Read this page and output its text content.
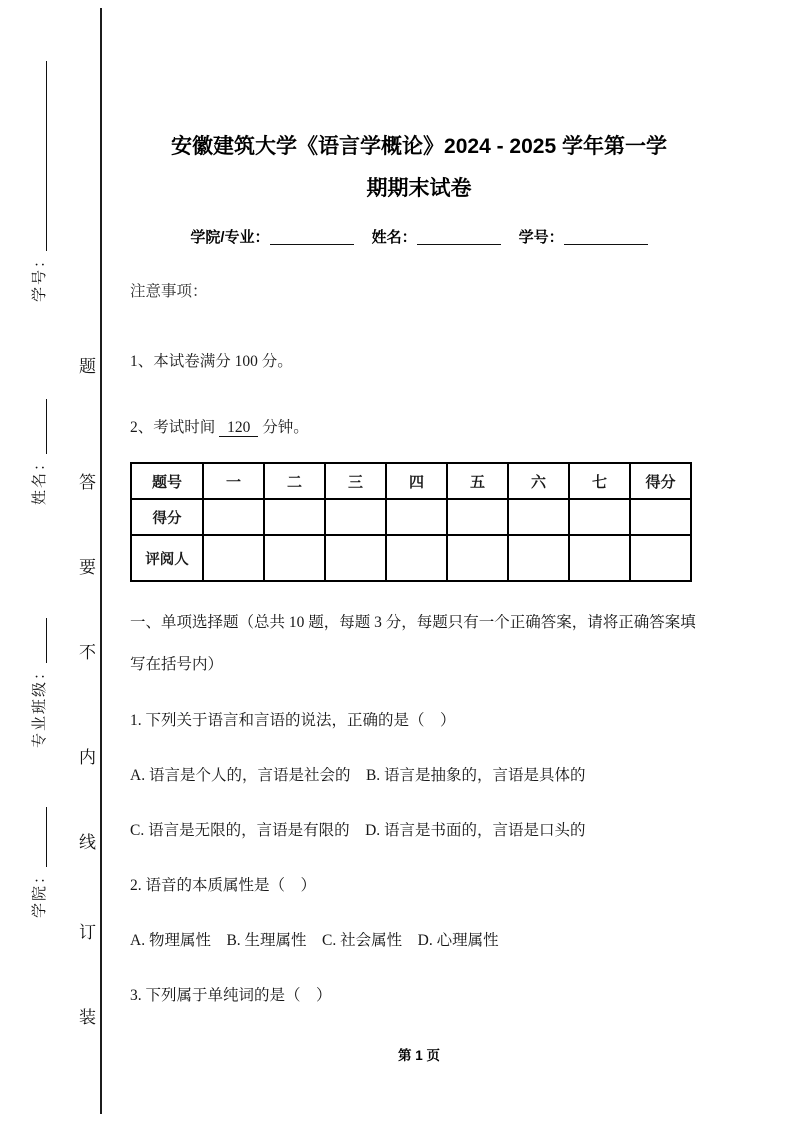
学号：
姓名：
专业班级：
学院：
题
答
要
不
内
线
订
装
安徽建筑大学《语言学概论》2024 - 2025 学年第一学
期期末试卷
学院/专业：	姓名：	学号：
注意事项：
1、本试卷满分 100 分。
2、考试时间 120 分钟。
题号	一	二	三	四	五	六	七	得分
得分								
评阅人								
一、单项选择题（总共 10 题，每题 3 分，每题只有一个正确答案，请将正确答案填写在括号内）
1. 下列关于语言和言语的说法，正确的是（　）
A. 语言是个人的，言语是社会的　B. 语言是抽象的，言语是具体的
C. 语言是无限的，言语是有限的　D. 语言是书面的，言语是口头的
2. 语音的本质属性是（　）
A. 物理属性　B. 生理属性　C. 社会属性　D. 心理属性
3. 下列属于单纯词的是（　）
第 1 页
